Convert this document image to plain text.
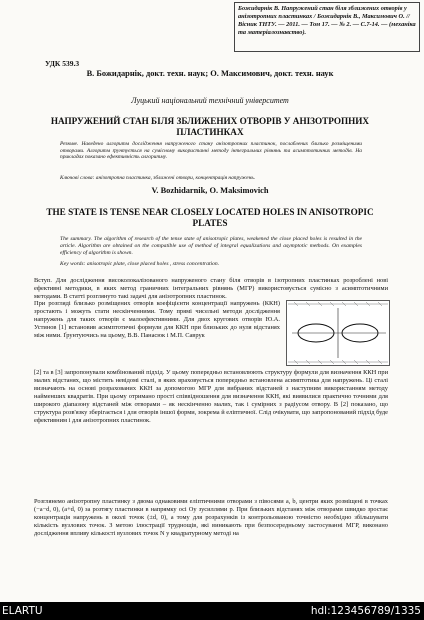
Божидарнік В. Напружений стан біля зближених отворів у анізотропних пластинках / Божидарнік В., Максимович О. // Вісник ТНТУ. — 2011. — Том 17. — № 2. — С.7-14. — (механіка та матеріалознавство).
УДК 539.3
В. Божидарнік, докт. техн. наук; О. Максимович, докт. техн. наук
Луцький національний технічний університет
НАПРУЖЕНИЙ СТАН БІЛЯ ЗБЛИЖЕНИХ ОТВОРІВ У АНІЗОТРОПНИХ ПЛАСТИНКАХ
Резюме. Наведено алгоритм дослідження напруженого стану анізотропних пластинок, послаблених близько розміщеними отворами. Алгоритм ґрунтується на сумісному використанні методу інтегральних рівнянь та асимптотичних методів. На прикладах показано ефективність алгоритму.
Ключові слова: анізотропна пластинка, зближені отвори, концентрація напружень.
V. Bozhidarnik, O. Maksimovich
THE STATE IS TENSE NEAR CLOSELY LOCATED HOLES IN ANISOTROPIC PLATES
The summary. The algorithm of research of the tense state of anisotropic plates, weakened the close placed holes is resulted in the article. Algorithm are obtained on the compatible use of method of integral equalizations and asymptotic methods. On examples efficiency of algorithm is shown.
Key words: anisotropic plate, close placed holes , stress concentration.
Вступ. Для дослідження високолокалізованого напруженого стану біля отворів в ізотропних пластинках розроблені нові ефективні методики, в яких метод граничних інтегральних рівнянь (МГР) використовується сумісно з асимптотичними методами. В статті розглянуто такі задачі для анізотропних пластинок.
При розгляді близько розміщених отворів коефіцієнти концентрації напружень (ККН) зростають і можуть стати нескінченними. Тому прямі чисельні методи дослідження напружень для таких отворів є малоефективними. Для двох кругових отворів Ю.А. Устинов [1] встановив асимптотичні формули для ККН при близьких до нуля відстанях між ними. Ґрунтуючись на цьому, В.В. Панасюк і М.П. Саврук
[2] та в [3] запропонували комбінований підхід. У цьому попередньо встановлюють структуру формули для визначення ККН при малих відстанях, що містить невідомі сталі, в яких враховується попередньо встановлена асимптотика для напружень. Ці сталі визначають на основі розрахованих ККН за допомогою МГР для вибраних відстаней з наступним використанням методу найменших квадратів. При цьому отримано прості співвідношення для визначення ККН, які виявилися практично точними для широкого діапазону відстаней між отворами – як нескінченно малих, так і сумірних з радіусом отвору. В [2] показано, що структура розв'язку зберігається і для отворів іншої форми, зокрема й еліптичної. Слід очікувати, що запропонований підхід буде ефективним і для анізотропних пластинок.
Розглянемо анізотропну пластинку з двома однаковими еліптичними отворами з півосями a, b, центри яких розміщені в точках (−a−d, 0), (a+d, 0) за розтягу пластинки в напрямку осі Oy зусиллями p. При близьких відстанях між отворами швидко зростає концентрація напружень в околі точок (±d, 0), а тому для розрахунків із контрольованою точністю необхідно збільшувати кількість вузлових точок. З метою ілюстрації труднощів, які виникають при безпосередньому застосуванні МГР, виконано дослідження впливу кількості вузлових точок N у квадратурному методі на
ELARTU	hdl:123456789/1335
